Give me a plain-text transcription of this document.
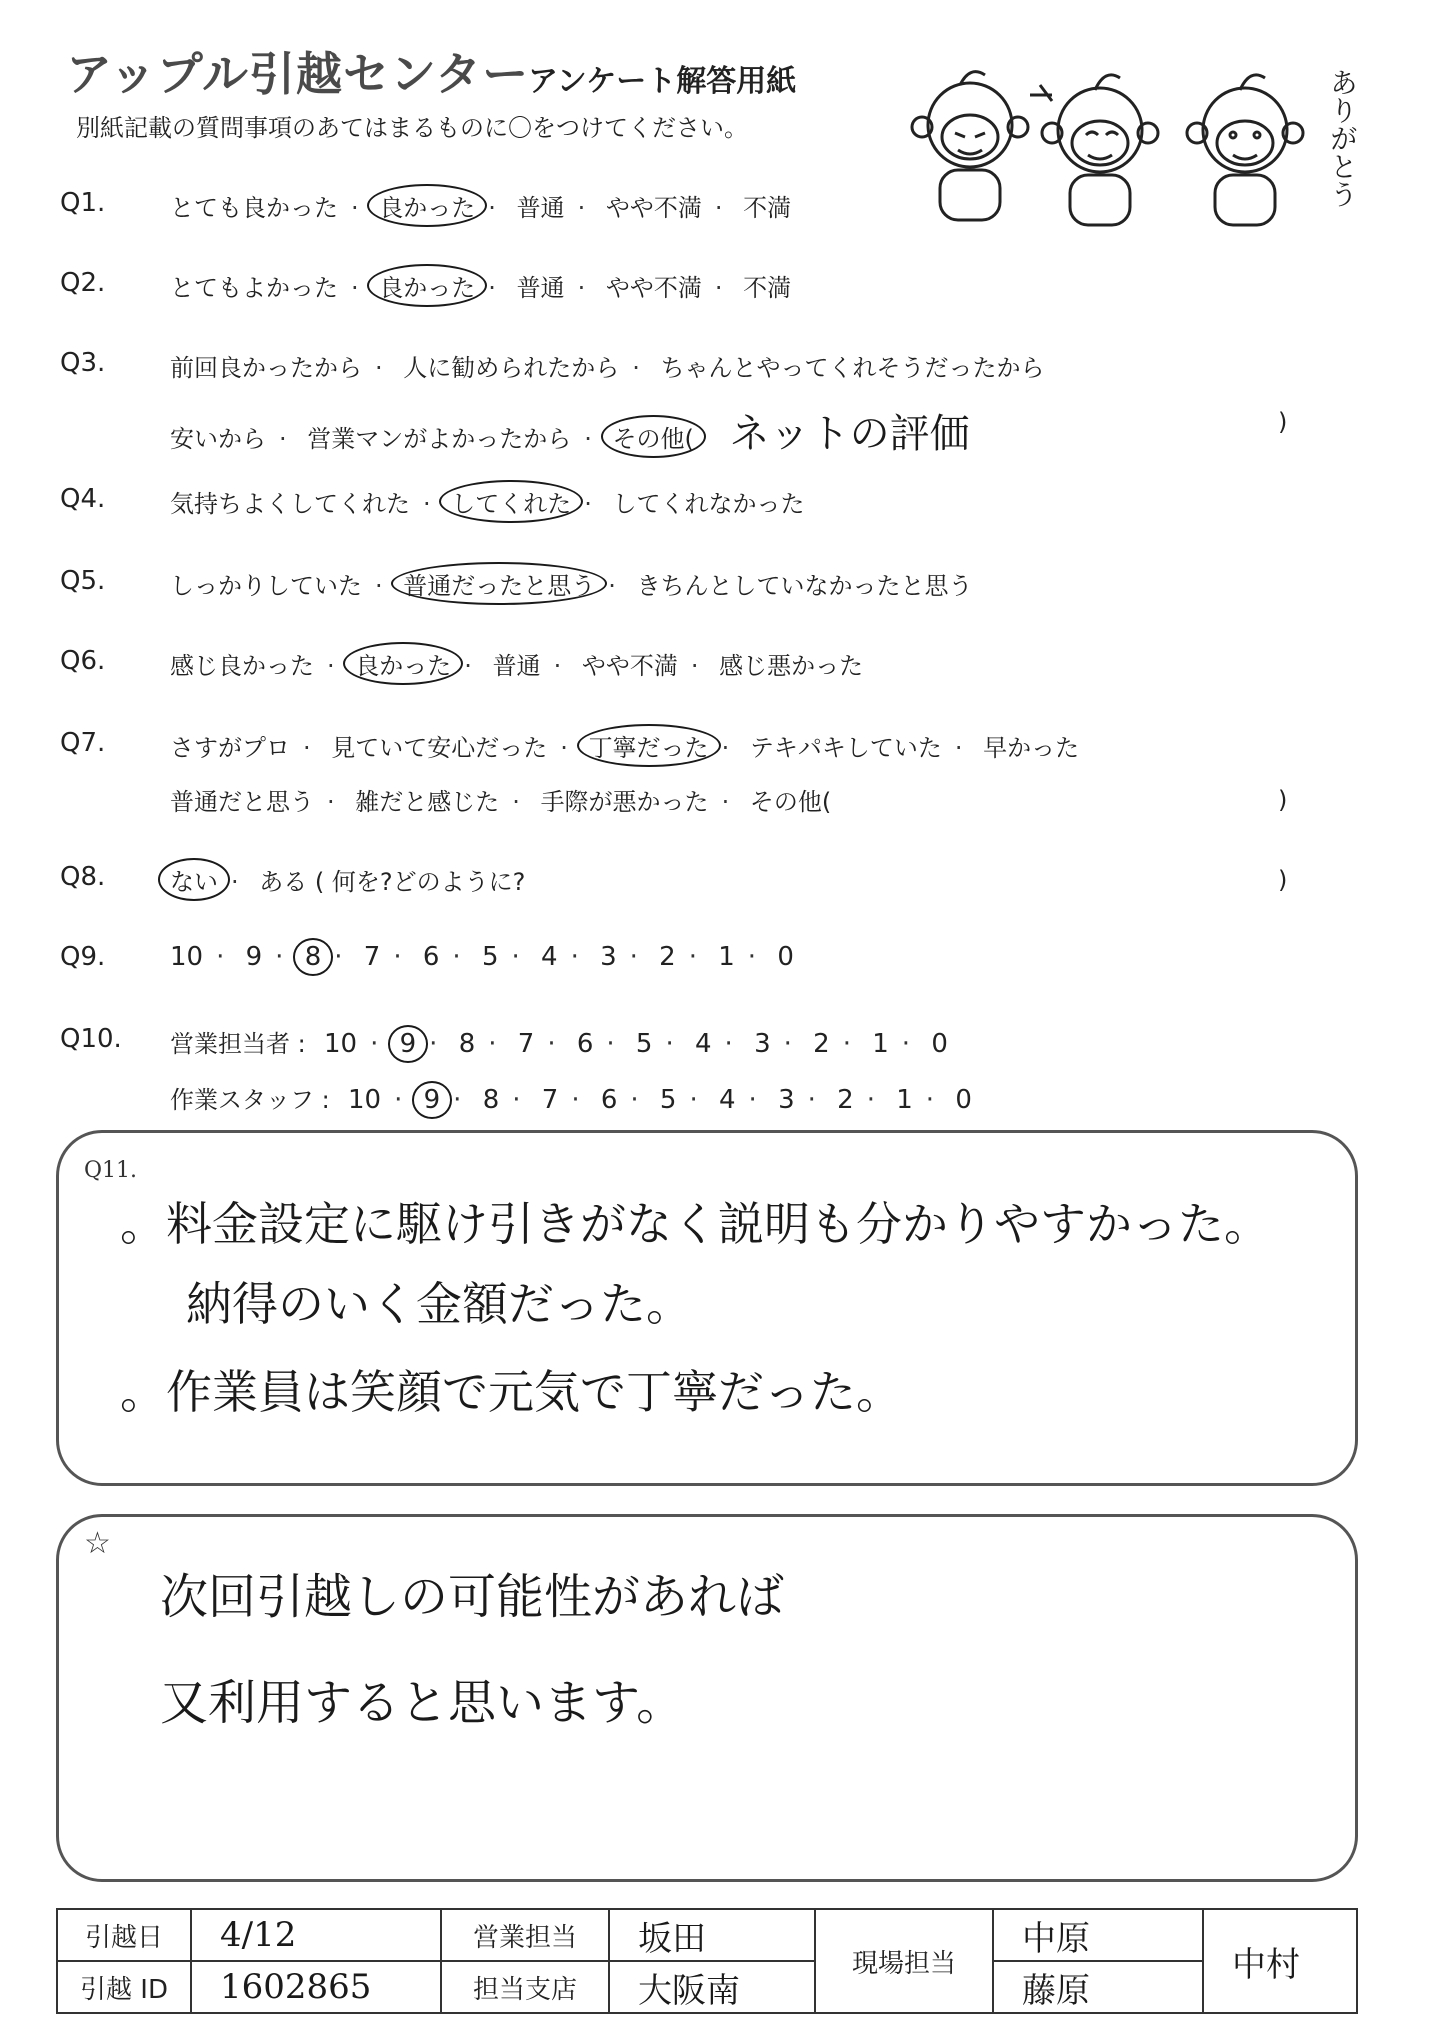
アップル引越センター
アンケート解答用紙
別紙記載の質問事項のあてはまるものに〇をつけてください。	ありがとう
Q1.	とても良かった · 良かった · 普通 · やや不満 · 不満
Q2.	とてもよかった · 良かった · 普通 · やや不満 · 不満
Q3.	前回良かったから · 人に勧められたから · ちゃんとやってくれそうだったから
安いから · 営業マンがよかったから · その他( ネットの評価	)
Q4.	気持ちよくしてくれた · してくれた · してくれなかった
Q5.	しっかりしていた · 普通だったと思う · きちんとしていなかったと思う
Q6.	感じ良かった · 良かった · 普通 · やや不満 · 感じ悪かった
Q7.	さすがプロ · 見ていて安心だった · 丁寧だった · テキパキしていた · 早かった
普通だと思う · 雑だと感じた · 手際が悪かった · その他(	)
Q8.	ない · ある ( 何を?どのように?	)
Q9. 10 · 9 · 8 · 7 · 6 · 5 · 4 · 3 · 2 · 1 · 0
Q10. 営業担当者 : 10 · 9 · 8 · 7 · 6 · 5 · 4 · 3 · 2 · 1 · 0
作業スタッフ : 10 · 9 · 8 · 7 · 6 · 5 · 4 · 3 · 2 · 1 · 0
Q11.
。料金設定に駆け引きがなく説明も分かりやすかった。
納得のいく金額だった。
。作業員は笑顔で元気で丁寧だった。
☆
次回引越しの可能性があれば
又利用すると思います。
引越日	4/12	営業担当	坂田	現場担当	中原	中村
引越 ID	1602865	担当支店	大阪南		藤原	
